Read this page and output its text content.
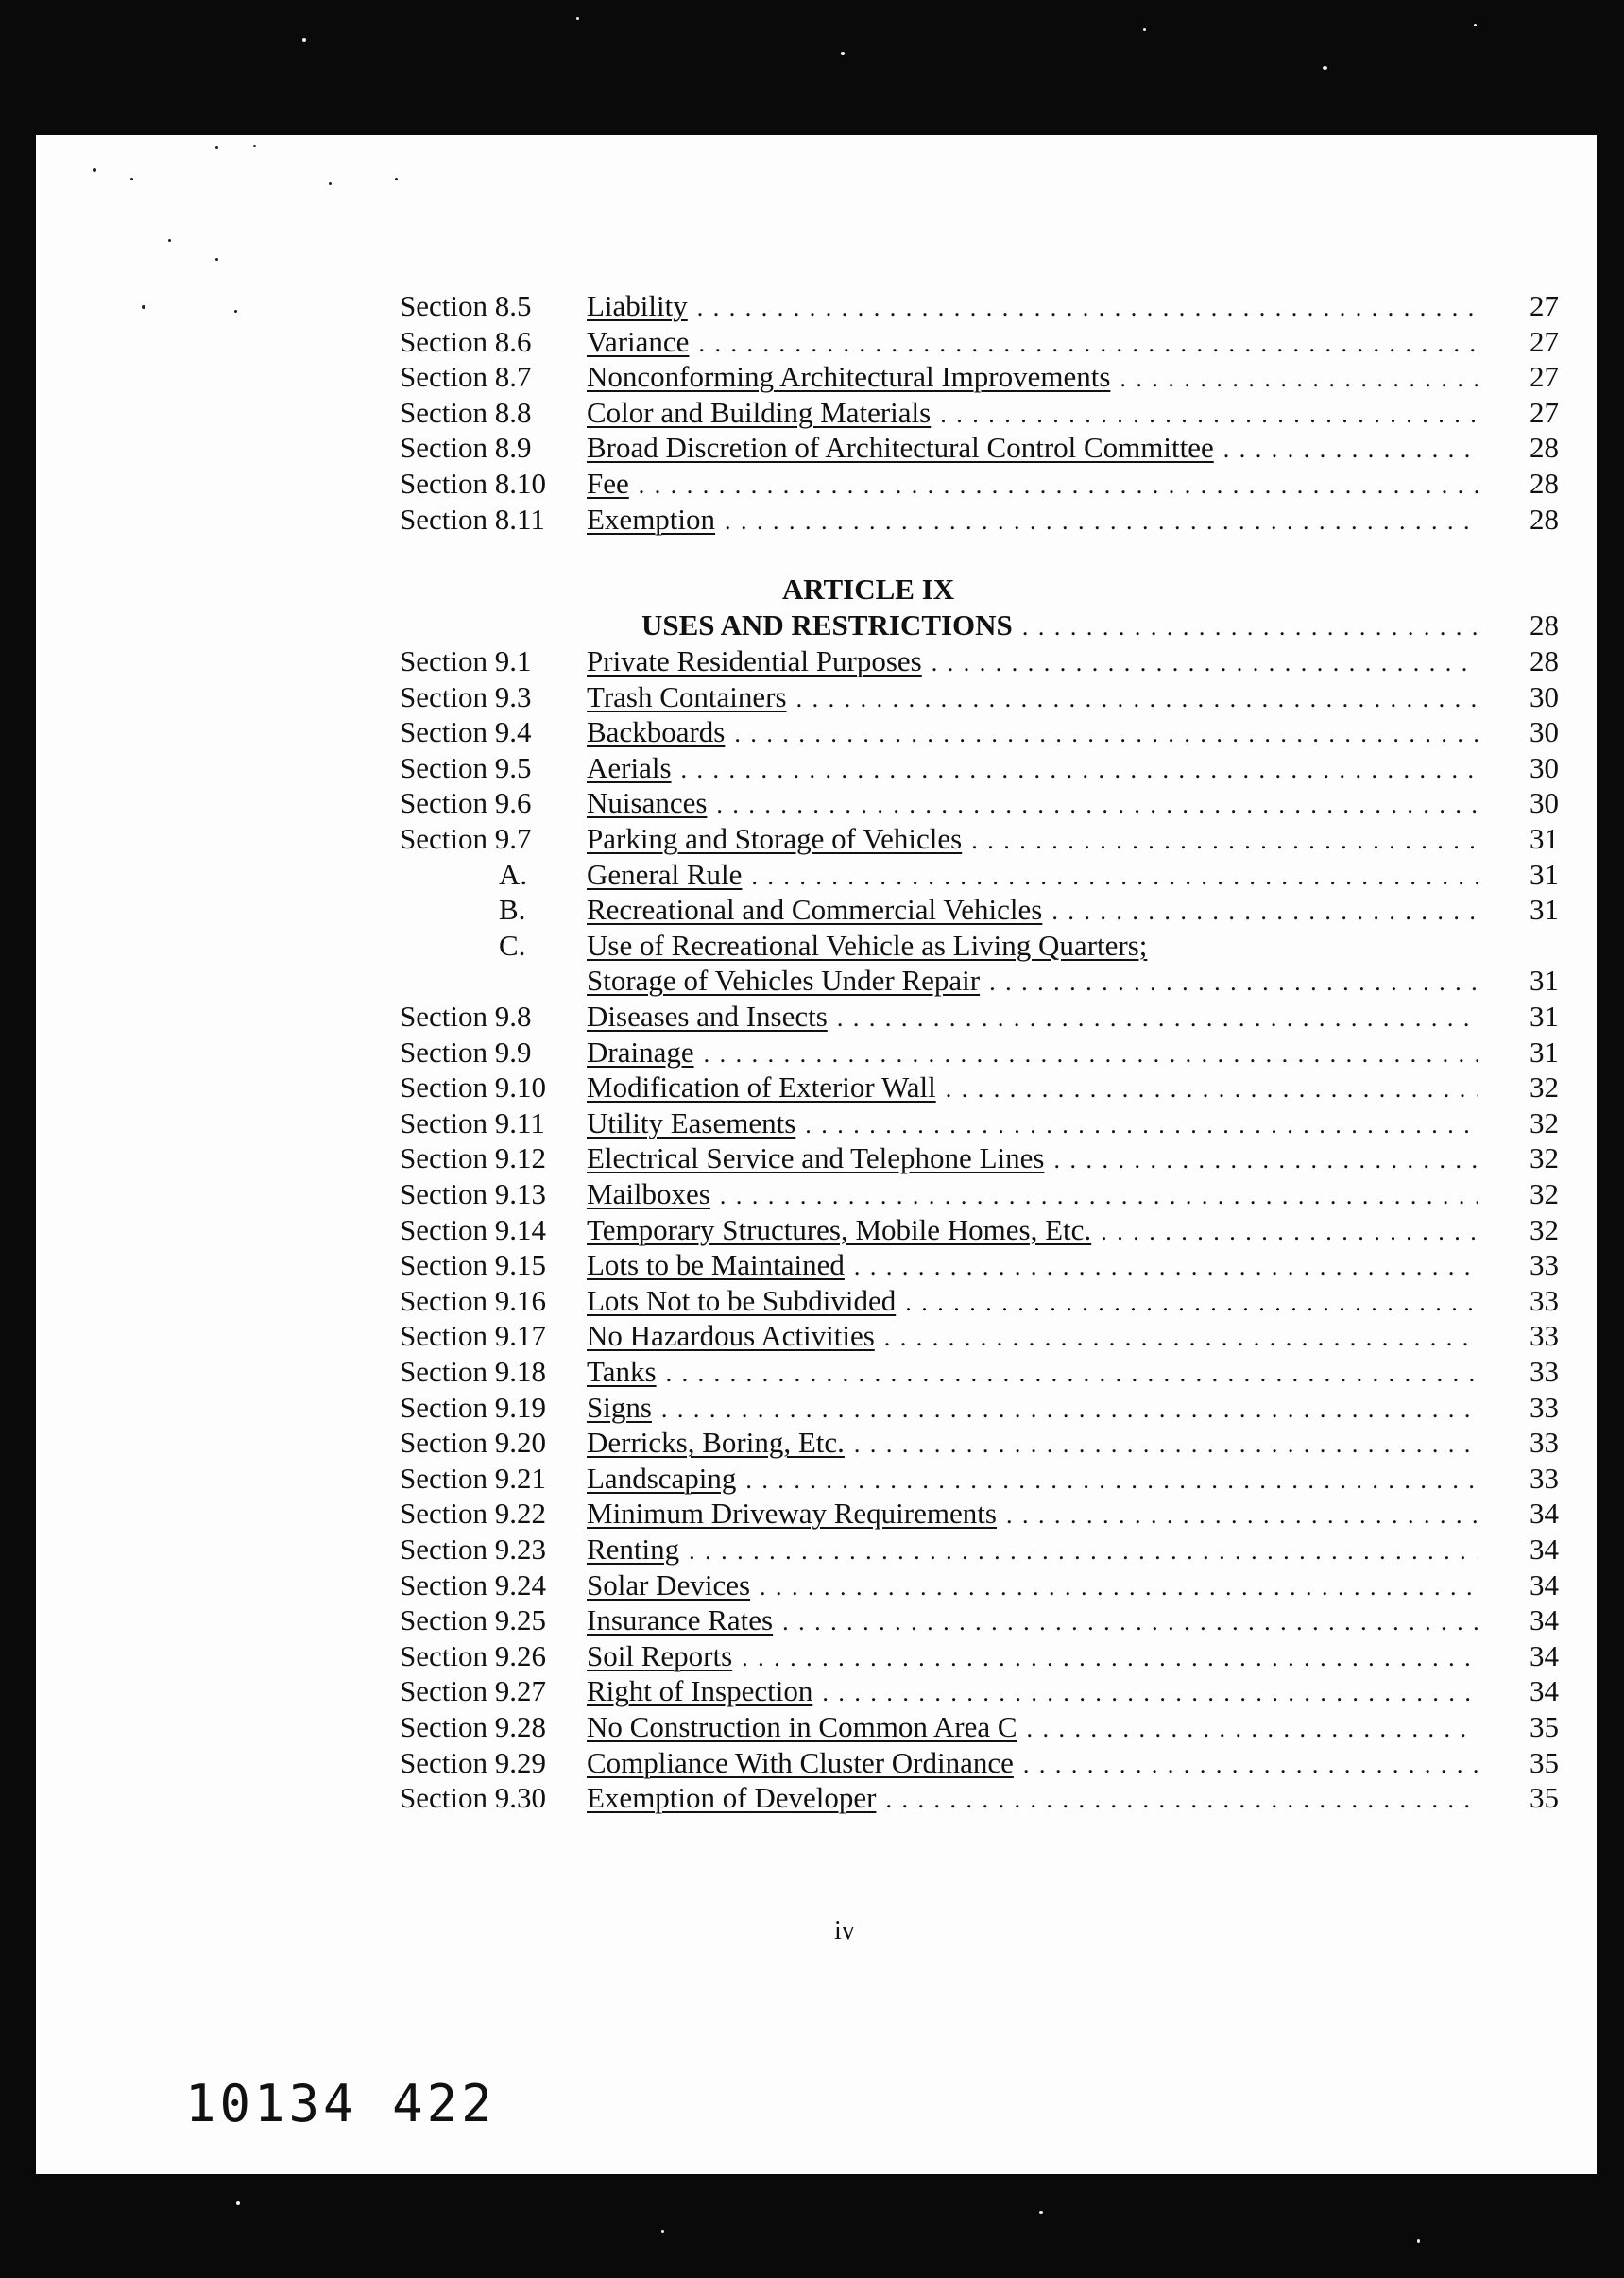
Section 8.5 Liability . . .	27
Section 8.6 Variance . . .	27
Section 8.7 Nonconforming Architectural Improvements . . .	27
Section 8.8 Color and Building Materials . . .	27
Section 8.9 Broad Discretion of Architectural Control Committee . . .	28
Section 8.10 Fee . . .	28
Section 8.11 Exemption . . .	28
ARTICLE IX
USES AND RESTRICTIONS . . .	28
Section 9.1 Private Residential Purposes . . .	28
Section 9.3 Trash Containers . . .	30
Section 9.4 Backboards . . .	30
Section 9.5 Aerials . . .	30
Section 9.6 Nuisances . . .	30
Section 9.7 Parking and Storage of Vehicles . . .	31
A. General Rule . . .	31
B. Recreational and Commercial Vehicles . . .	31
C. Use of Recreational Vehicle as Living Quarters;
Storage of Vehicles Under Repair . . .	31
Section 9.8 Diseases and Insects . . .	31
Section 9.9 Drainage . . .	31
Section 9.10 Modification of Exterior Wall . . .	32
Section 9.11 Utility Easements . . .	32
Section 9.12 Electrical Service and Telephone Lines . . .	32
Section 9.13 Mailboxes . . .	32
Section 9.14 Temporary Structures, Mobile Homes, Etc. . . .	32
Section 9.15 Lots to be Maintained . . .	33
Section 9.16 Lots Not to be Subdivided . . .	33
Section 9.17 No Hazardous Activities . . .	33
Section 9.18 Tanks . . .	33
Section 9.19 Signs . . .	33
Section 9.20 Derricks, Boring, Etc. . . .	33
Section 9.21 Landscaping . . .	33
Section 9.22 Minimum Driveway Requirements . . .	34
Section 9.23 Renting . . .	34
Section 9.24 Solar Devices . . .	34
Section 9.25 Insurance Rates . . .	34
Section 9.26 Soil Reports . . .	34
Section 9.27 Right of Inspection . . .	34
Section 9.28 No Construction in Common Area C . . .	35
Section 9.29 Compliance With Cluster Ordinance . . .	35
Section 9.30 Exemption of Developer . . .	35
iv
10134 422
